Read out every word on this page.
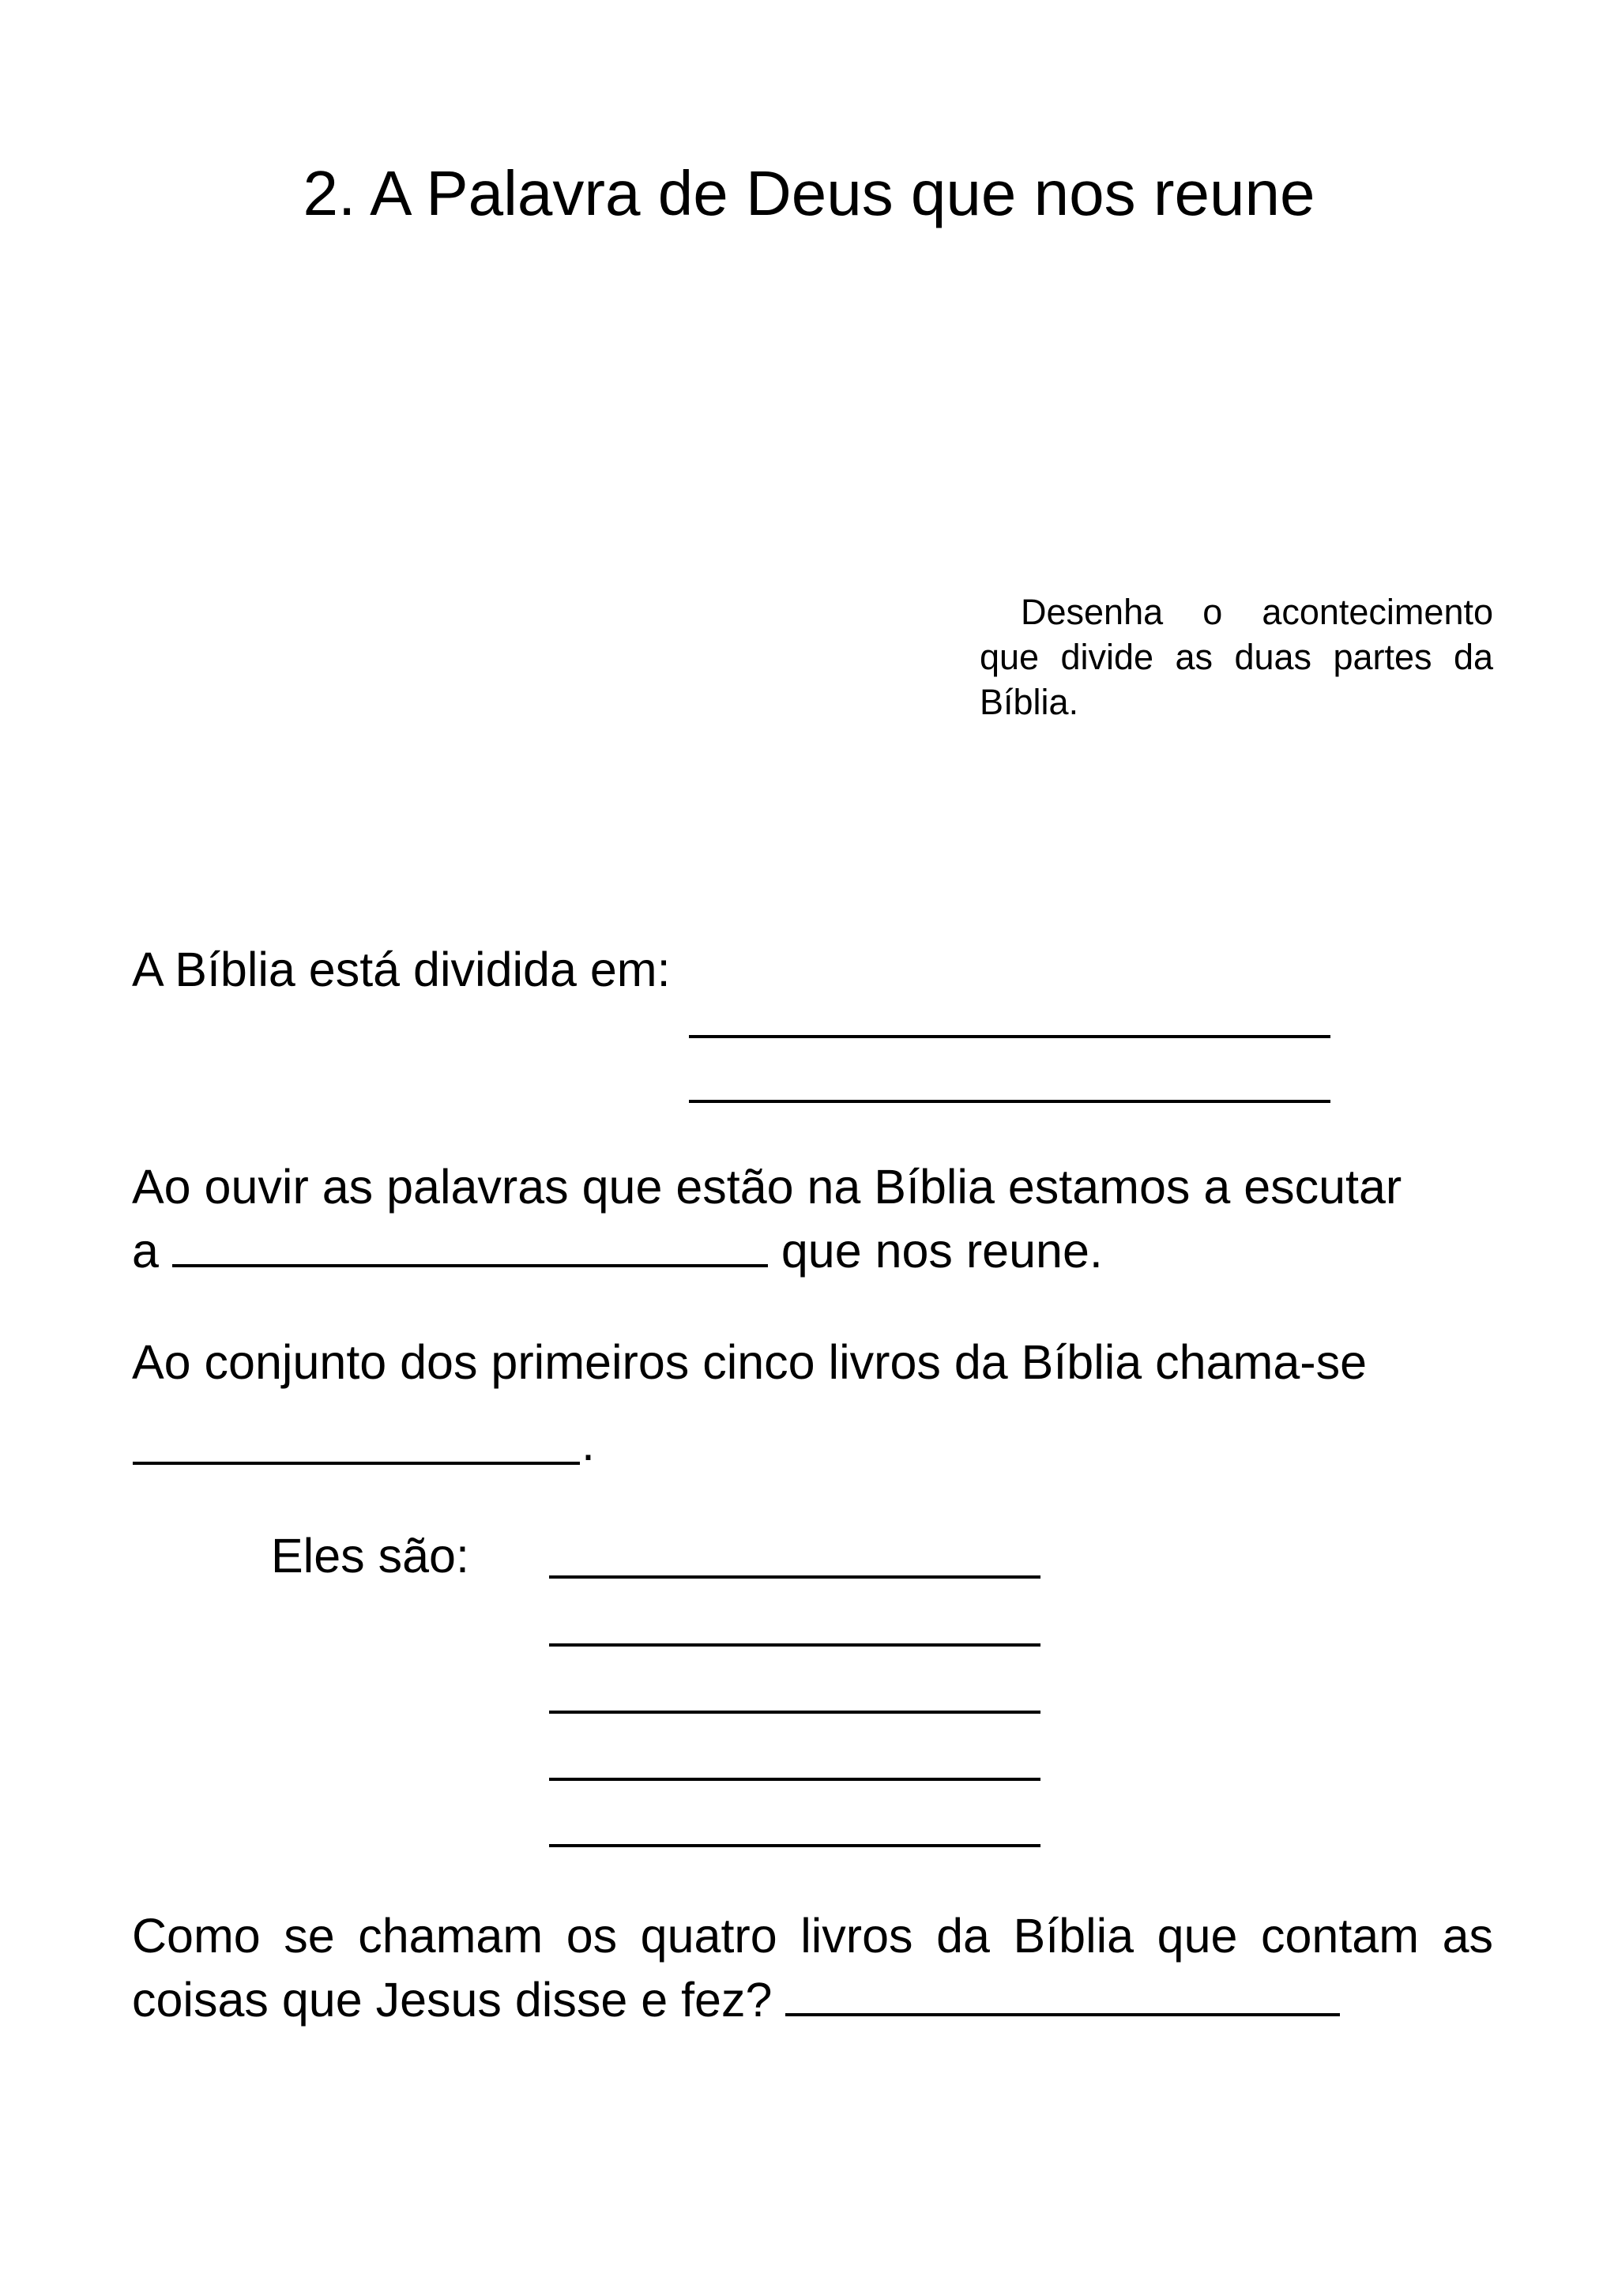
2. A Palavra de Deus que nos reune
Desenha o acontecimento que divide as duas partes da Bíblia.
A Bíblia está dividida em:
Ao ouvir as palavras que estão na Bíblia estamos a escutar
a	que nos reune.
Ao conjunto dos primeiros cinco livros da Bíblia chama-se
.
Eles são:
Como se chamam os quatro livros da Bíblia que contam as coisas que Jesus disse e fez?
